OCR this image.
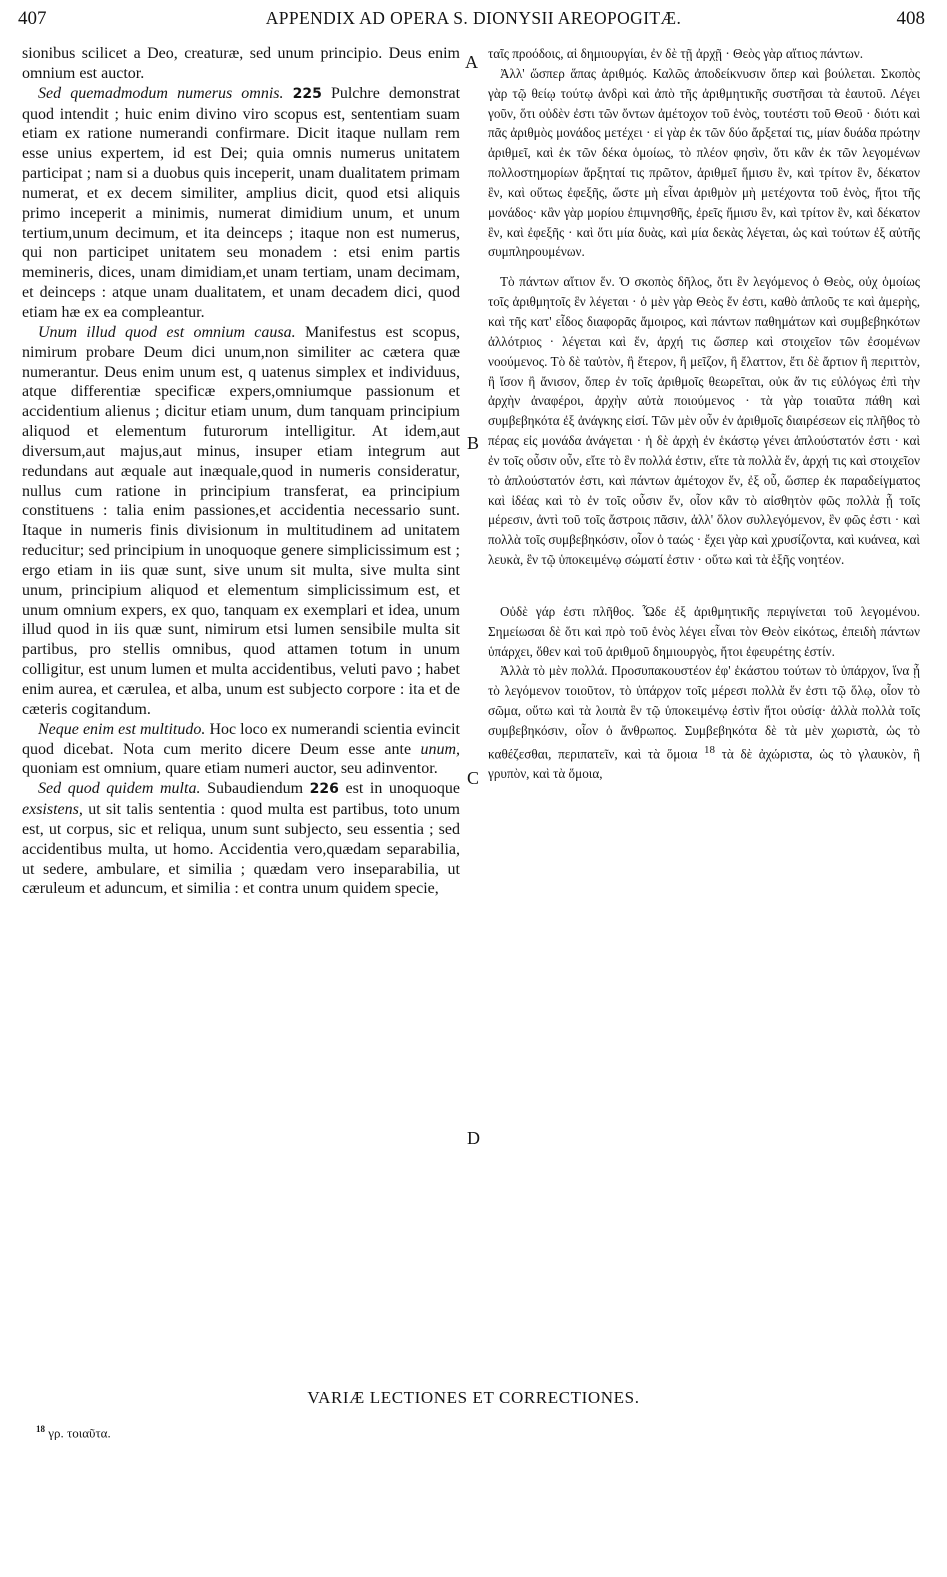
407	APPENDIX AD OPERA S. DIONYSII AREOPOGITÆ.	408

sionibus scilicet a Deo, creaturæ, sed unum principio. Deus enim omnium est auctor.

Sed quemadmodum numerus omnis. 225 Pulchre demonstrat quod intendit ; huic enim divino viro scopus est, sententiam suam etiam ex ratione numerandi confirmare. Dicit itaque nullam rem esse unius expertem, id est Dei; quia omnis numerus unitatem participat ; nam si a duobus quis inceperit, unam dualitatem primam numerat, et ex decem similiter, amplius dicit, quod etsi aliquis primo inceperit a minimis, numerat dimidium unum, et unum tertium,unum decimum, et ita deinceps ; itaque non est numerus, qui non participet unitatem seu monadem : etsi enim partis memineris, dices, unam dimidiam,et unam tertiam, unam decimam, et deinceps : atque unam dualitatem, et unam decadem dici, quod etiam hæ ex ea compleantur.

Unum illud quod est omnium causa. Manifestus est scopus, nimirum probare Deum dici unum,non similiter ac cætera quæ numerantur. Deus enim unum est, q uatenus simplex et individuus, atque differentiæ specificæ expers,omniumque passionum et accidentium alienus ; dicitur etiam unum, dum tanquam principium aliquod et elementum futurorum intelligitur. At idem,aut diversum,aut majus,aut minus, insuper etiam integrum aut redundans aut æquale aut inæquale,quod in numeris consideratur, nullus cum ratione in principium transferat, ea principium constituens : talia enim passiones,et accidentia necessario sunt. Itaque in numeris finis divisionum in multitudinem ad unitatem reducitur; sed principium in unoquoque genere simplicissimum est ; ergo etiam in iis quæ sunt, sive unum sit multa, sive multa sint unum, principium aliquod et elementum simplicissimum est, et unum omnium expers, ex quo, tanquam ex exemplari et idea, unum illud quod in iis quæ sunt, nimirum etsi lumen sensibile multa sit partibus, pro stellis omnibus, quod attamen totum in unum colligitur, est unum lumen et multa accidentibus, veluti pavo ; habet enim aurea, et cærulea, et alba, unum est subjecto corpore : ita et de cæteris cogitandum.

Neque enim est multitudo. Hoc loco ex numerandi scientia evincit quod dicebat. Nota cum merito dicere Deum esse ante unum, quoniam est omnium, quare etiam numeri auctor, seu adinventor.

Sed quod quidem multa. Subaudiendum 226 est in unoquoque exsistens, ut sit talis sententia : quod multa est partibus, toto unum est, ut corpus, sic et reliqua, unum sunt subjecto, seu essentia ; sed accidentibus multa, ut homo. Accidentia vero,quædam separabilia, ut sedere, ambulare, et similia ; quædam vero inseparabilia, ut cæruleum et aduncum, et similia : et contra unum quidem specie,

A
B
C
D

ταῖς προόδοις, αἱ δημιουργίαι, ἐν δὲ τῇ ἀρχῇ · Θεὸς γὰρ αἴτιος πάντων.

Ἀλλ' ὥσπερ ἅπας ἀριθμός. Καλῶς ἀποδείκνυσιν ὅπερ καὶ βούλεται. Σκοπὸς γὰρ τῷ θείῳ τούτῳ ἀνδρὶ καὶ ἀπὸ τῆς ἀριθμητικῆς συστῆσαι τὰ ἑαυτοῦ. Λέγει γοῦν, ὅτι οὐδὲν ἐστι τῶν ὄντων ἀμέτοχον τοῦ ἑνὸς, τουτέστι τοῦ Θεοῦ · διότι καὶ πᾶς ἀριθμὸς μονάδος μετέχει · εἰ γὰρ ἐκ τῶν δύο ἄρξεταί τις, μίαν δυάδα πρώτην ἀριθμεῖ, καὶ ἐκ τῶν δέκα ὁμοίως, τὸ πλέον φησὶν, ὅτι κἂν ἐκ τῶν λεγομένων πολλοστημορίων ἄρξηταί τις πρῶτον, ἀριθμεῖ ἥμισυ ἓν, καὶ τρίτον ἓν, δέκατον ἓν, καὶ οὕτως ἐφεξῆς, ὥστε μὴ εἶναι ἀριθμὸν μὴ μετέχοντα τοῦ ἑνὸς, ἤτοι τῆς μονάδος· κἂν γὰρ μορίου ἐπιμνησθῆς, ἐρεῖς ἥμισυ ἓν, καὶ τρίτον ἓν, καὶ δέκατον ἓν, καὶ ἐφεξῆς · καὶ ὅτι μία δυὰς, καὶ μία δεκὰς λέγεται, ὡς καὶ τούτων ἐξ αὐτῆς συμπληρουμένων.

Τὸ πάντων αἴτιον ἕν. Ὁ σκοπὸς δῆλος, ὅτι ἓν λεγόμενος ὁ Θεὸς, οὐχ ὁμοίως τοῖς ἀριθμητοῖς ἓν λέγεται · ὁ μὲν γὰρ Θεὸς ἕν ἐστι, καθὸ ἁπλοῦς τε καὶ ἀμερὴς, καὶ τῆς κατ' εἶδος διαφορᾶς ἄμοιρος, καὶ πάντων παθημάτων καὶ συμβεβηκότων ἀλλότριος · λέγεται καὶ ἕν, ἀρχή τις ὥσπερ καὶ στοιχεῖον τῶν ἐσομένων νοούμενος. Τὸ δὲ ταὐτὸν, ἢ ἕτερον, ἢ μεῖζον, ἢ ἔλαττον, ἔτι δὲ ἄρτιον ἢ περιττὸν, ἢ ἴσον ἢ ἄνισον, ὅπερ ἐν τοῖς ἀριθμοῖς θεωρεῖται, οὐκ ἄν τις εὐλόγως ἐπὶ τὴν ἀρχὴν ἀναφέροι, ἀρχὴν αὐτὰ ποιούμενος · τὰ γὰρ τοιαῦτα πάθη καὶ συμβεβηκότα ἐξ ἀνάγκης εἰσί. Τῶν μὲν οὖν ἐν ἀριθμοῖς διαιρέσεων εἰς πλῆθος τὸ πέρας εἰς μονάδα ἀνάγεται · ἡ δὲ ἀρχὴ ἐν ἑκάστῳ γένει ἁπλούστατόν ἐστι · καὶ ἐν τοῖς οὖσιν οὖν, εἴτε τὸ ἓν πολλά ἐστιν, εἴτε τὰ πολλὰ ἕν, ἀρχή τις καὶ στοιχεῖον τὸ ἁπλούστατόν ἐστι, καὶ πάντων ἀμέτοχον ἕν, ἐξ οὗ, ὥσπερ ἐκ παραδείγματος καὶ ἰδέας καὶ τὸ ἐν τοῖς οὖσιν ἕν, οἷον κἂν τὸ αἰσθητὸν φῶς πολλὰ ᾖ τοῖς μέρεσιν, ἀντὶ τοῦ τοῖς ἄστροις πᾶσιν, ἀλλ' ὅλον συλλεγόμενον, ἓν φῶς ἐστι · καὶ πολλὰ τοῖς συμβεβηκόσιν, οἷον ὁ ταώς · ἔχει γὰρ καὶ χρυσίζοντα, καὶ κυάνεα, καὶ λευκὰ, ἓν τῷ ὑποκειμένῳ σώματί ἐστιν · οὕτω καὶ τὰ ἑξῆς νοητέον.

Οὐδὲ γάρ ἐστι πλῆθος. Ὧδε ἐξ ἀριθμητικῆς περιγίνεται τοῦ λεγομένου. Σημείωσαι δὲ ὅτι καὶ πρὸ τοῦ ἑνὸς λέγει εἶναι τὸν Θεὸν εἰκότως, ἐπειδὴ πάντων ὑπάρχει, ὅθεν καὶ τοῦ ἀριθμοῦ δημιουργὸς, ἤτοι ἐφευρέτης ἐστίν.

Ἀλλὰ τὸ μὲν πολλά. Προσυπακουστέον ἐφ' ἑκάστου τούτων τὸ ὑπάρχον, ἵνα ᾖ τὸ λεγόμενον τοιοῦτον, τὸ ὑπάρχον τοῖς μέρεσι πολλὰ ἕν ἐστι τῷ ὅλῳ, οἷον τὸ σῶμα, οὕτω καὶ τὰ λοιπὰ ἓν τῷ ὑποκειμένῳ ἐστὶν ἤτοι οὐσίᾳ· ἀλλὰ πολλὰ τοῖς συμβεβηκόσιν, οἷον ὁ ἄνθρωπος. Συμβεβηκότα δὲ τὰ μὲν χωριστὰ, ὡς τὸ καθέζεσθαι, περιπατεῖν, καὶ τὰ ὅμοια $^{18}$ τὰ δὲ ἀχώριστα, ὡς τὸ γλαυκὸν, ἢ γρυπὸν, καὶ τὰ ὅμοια,

VARIÆ LECTIONES ET CORRECTIONES.
$^{18}$ γρ. τοιαῦτα.
